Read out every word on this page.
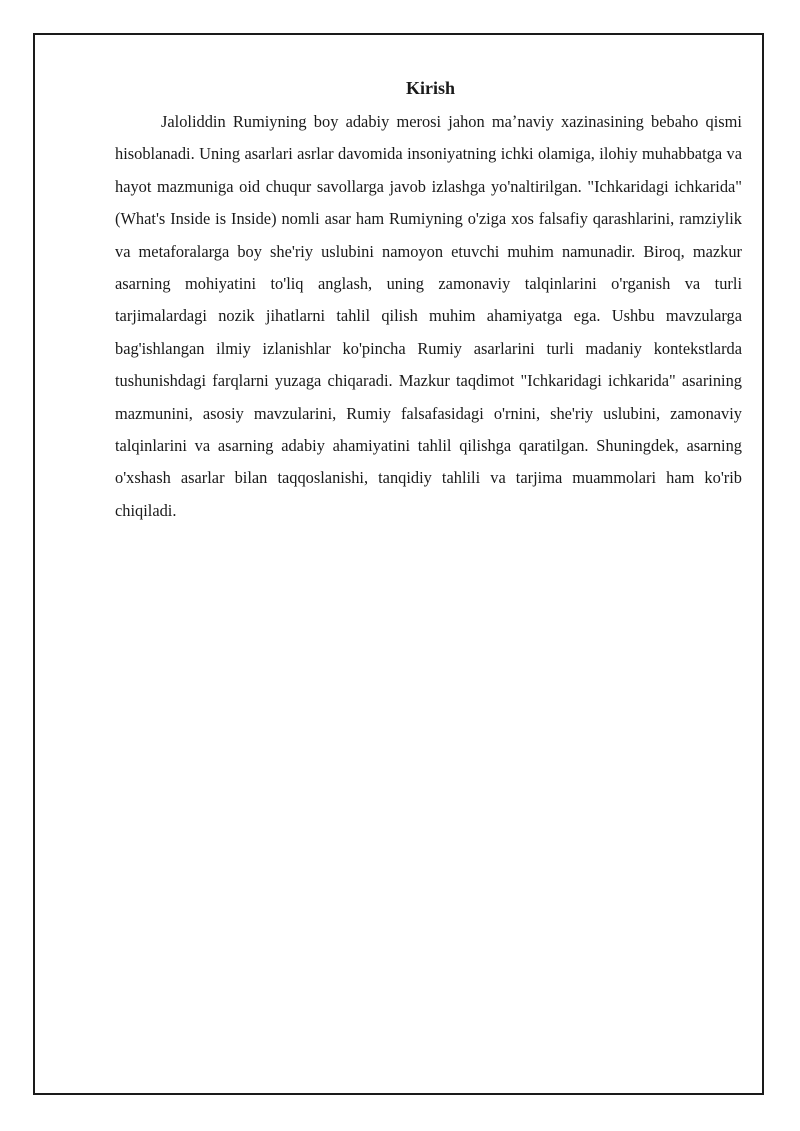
Kirish

Jaloliddin Rumiyning boy adabiy merosi jahon maʼnaviy xazinasining bebaho qismi hisoblanadi. Uning asarlari asrlar davomida insoniyatning ichki olamiga, ilohiy muhabbatga va hayot mazmuniga oid chuqur savollarga javob izlashga yo'naltirilgan. "Ichkaridagi ichkarida" (What's Inside is Inside) nomli asar ham Rumiyning o'ziga xos falsafiy qarashlarini, ramziylik va metaforalarga boy she'riy uslubini namoyon etuvchi muhim namunadir. Biroq, mazkur asarning mohiyatini to'liq anglash, uning zamonaviy talqinlarini o'rganish va turli tarjimalardagi nozik jihatlarni tahlil qilish muhim ahamiyatga ega. Ushbu mavzularga bag'ishlangan ilmiy izlanishlar ko'pincha Rumiy asarlarini turli madaniy kontekstlarda tushunishdagi farqlarni yuzaga chiqaradi. Mazkur taqdimot "Ichkaridagi ichkarida" asarining mazmunini, asosiy mavzularini, Rumiy falsafasidagi o'rnini, she'riy uslubini, zamonaviy talqinlarini va asarning adabiy ahamiyatini tahlil qilishga qaratilgan. Shuningdek, asarning o'xshash asarlar bilan taqqoslanishi, tanqidiy tahlili va tarjima muammolari ham ko'rib chiqiladi.
